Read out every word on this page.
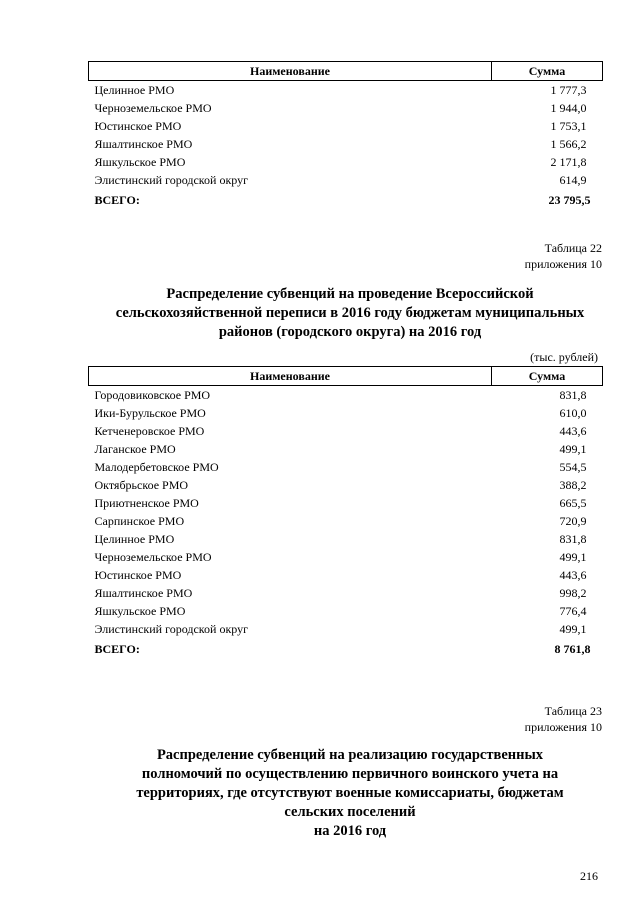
Наименование	Сумма
Целинное РМО	1 777,3
Черноземельское РМО	1 944,0
Юстинское РМО	1 753,1
Яшалтинское РМО	1 566,2
Яшкульское РМО	2 171,8
Элистинский городской округ	614,9
ВСЕГО:	23 795,5
Таблица 22
приложения 10
Распределение субвенций на проведение Всероссийской
сельскохозяйственной переписи в 2016 году бюджетам муниципальных
районов (городского округа) на 2016 год
(тыс. рублей)
Наименование	Сумма
Городовиковское РМО	831,8
Ики-Бурульское РМО	610,0
Кетченеровское РМО	443,6
Лаганское РМО	499,1
Малодербетовское РМО	554,5
Октябрьское РМО	388,2
Приютненское РМО	665,5
Сарпинское РМО	720,9
Целинное РМО	831,8
Черноземельское РМО	499,1
Юстинское РМО	443,6
Яшалтинское РМО	998,2
Яшкульское РМО	776,4
Элистинский городской округ	499,1
ВСЕГО:	8 761,8
Таблица 23
приложения 10
Распределение субвенций на реализацию государственных
полномочий по осуществлению первичного воинского учета на
территориях, где отсутствуют военные комиссариаты, бюджетам
сельских поселений
на 2016 год
216
